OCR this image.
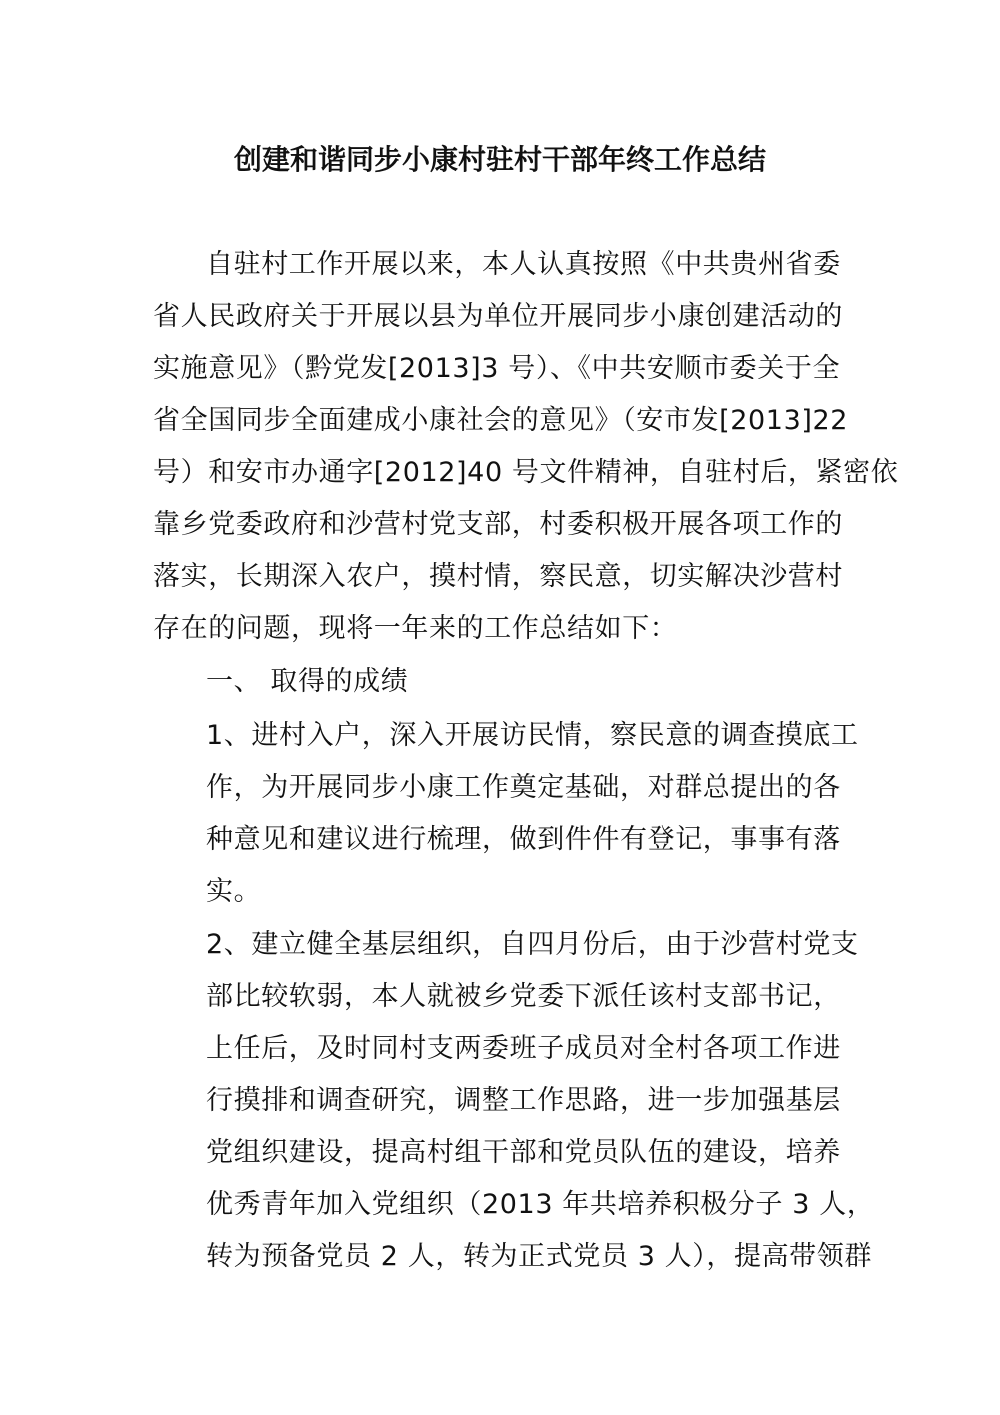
创建和谐同步小康村驻村干部年终工作总结
自驻村工作开展以来，本人认真按照《中共贵州省委
省人民政府关于开展以县为单位开展同步小康创建活动的
实施意见》（黔党发[2013]3 号）、《中共安顺市委关于全
省全国同步全面建成小康社会的意见》（安市发[2013]22
号）和安市办通字[2012]40 号文件精神，自驻村后，紧密依
靠乡党委政府和沙营村党支部，村委积极开展各项工作的
落实，长期深入农户，摸村情，察民意，切实解决沙营村
存在的问题，现将一年来的工作总结如下：
一、 取得的成绩
1、进村入户，深入开展访民情，察民意的调查摸底工
作，为开展同步小康工作奠定基础，对群总提出的各
种意见和建议进行梳理，做到件件有登记，事事有落
实。
2、建立健全基层组织，自四月份后，由于沙营村党支
部比较软弱，本人就被乡党委下派任该村支部书记，
上任后，及时同村支两委班子成员对全村各项工作进
行摸排和调查研究，调整工作思路，进一步加强基层
党组织建设，提高村组干部和党员队伍的建设，培养
优秀青年加入党组织（2013 年共培养积极分子 3 人，
转为预备党员 2 人，转为正式党员 3 人），提高带领群
